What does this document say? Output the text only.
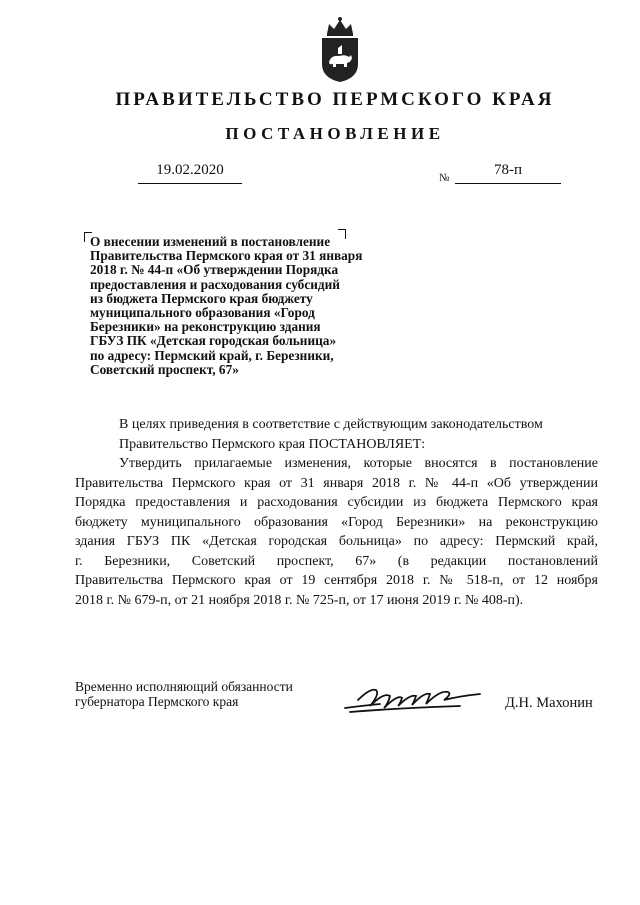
ПРАВИТЕЛЬСТВО ПЕРМСКОГО КРАЯ
ПОСТАНОВЛЕНИЕ
19.02.2020	№	78-п
О внесении изменений в постановление
Правительства Пермского края от 31 января
2018 г. № 44-п «Об утверждении Порядка
предоставления и расходования субсидий
из бюджета Пермского края бюджету
муниципального образования «Город
Березники» на реконструкцию здания
ГБУЗ ПК «Детская городская больница»
по адресу: Пермский край, г. Березники,
Советский проспект, 67»
В целях приведения в соответствие с действующим законодательством
Правительство Пермского края ПОСТАНОВЛЯЕТ:
Утвердить прилагаемые изменения, которые вносятся в постановление
Правительства Пермского края от 31 января 2018 г. № 44-п «Об утверждении
Порядка предоставления и расходования субсидии из бюджета Пермского края
бюджету муниципального образования «Город Березники» на реконструкцию
здания ГБУЗ ПК «Детская городская больница» по адресу: Пермский край,
г. Березники, Советский проспект, 67» (в редакции постановлений
Правительства Пермского края от 19 сентября 2018 г. № 518-п, от 12 ноября
2018 г. № 679-п, от 21 ноября 2018 г. № 725-п, от 17 июня 2019 г. № 408-п).
Временно исполняющий обязанности
губернатора Пермского края	Д.Н. Махонин
